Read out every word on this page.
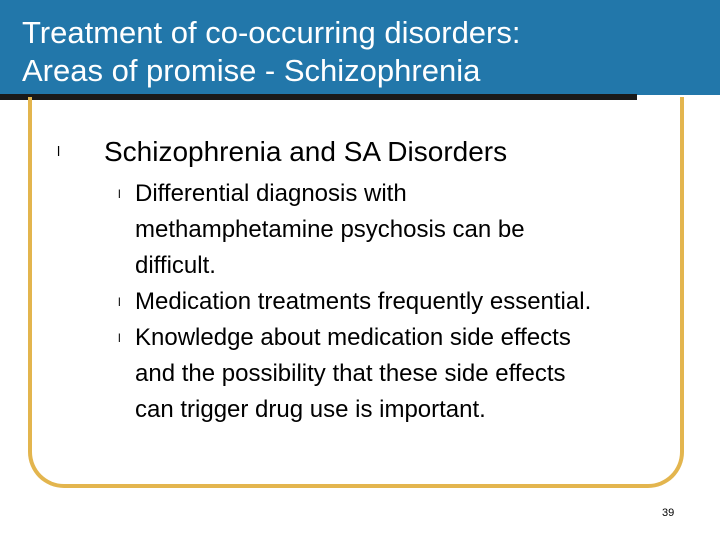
Treatment of co-occurring disorders:
Areas of promise - Schizophrenia
l Schizophrenia and SA Disorders
l Differential diagnosis with
methamphetamine psychosis can be
difficult.
l Medication treatments frequently essential.
l Knowledge about medication side effects
and the possibility that these side effects
can trigger drug use is important.
39
